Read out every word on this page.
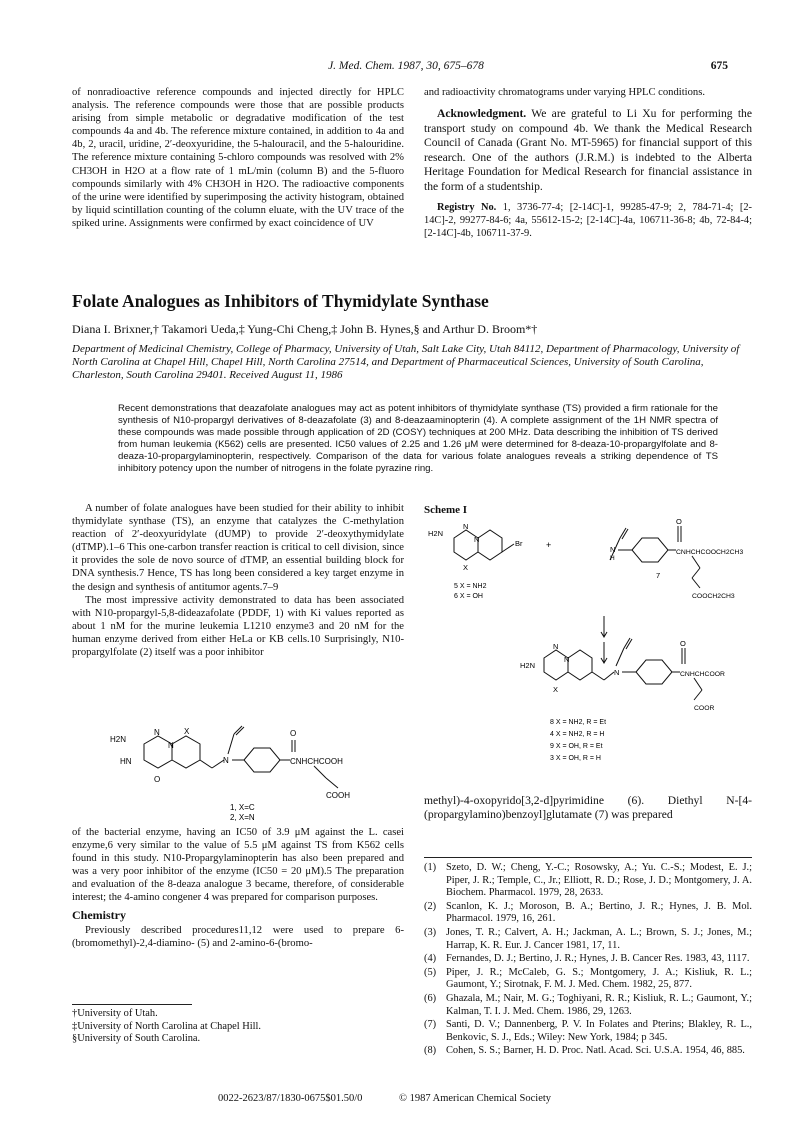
J. Med. Chem. 1987, 30, 675–678	675

of nonradioactive reference compounds and injected directly for HPLC analysis. The reference compounds were those that are possible products arising from simple metabolic or degradative modification of the test compounds 4a and 4b. The reference mixture contained, in addition to 4a and 4b, 2, uracil, uridine, 2′-deoxyuridine, the 5-halouracil, and the 5-halouridine. The reference mixture containing 5-chloro compounds was resolved with 2% CH3OH in H2O at a flow rate of 1 mL/min (column B) and the 5-fluoro compounds similarly with 4% CH3OH in H2O. The radioactive components of the urine were identified by superimposing the activity histogram, obtained by liquid scintillation counting of the column eluate, with the UV trace of the spiked urine. Assignments were confirmed by exact coincidence of UV

and radioactivity chromatograms under varying HPLC conditions.

Acknowledgment. We are grateful to Li Xu for performing the transport study on compound 4b. We thank the Medical Research Council of Canada (Grant No. MT-5965) for financial support of this research. One of the authors (J.R.M.) is indebted to the Alberta Heritage Foundation for Medical Research for financial assistance in the form of a studentship.

Registry No. 1, 3736-77-4; [2-14C]-1, 99285-47-9; 2, 784-71-4; [2-14C]-2, 99277-84-6; 4a, 55612-15-2; [2-14C]-4a, 106711-36-8; 4b, 72-84-4; [2-14C]-4b, 106711-37-9.

Folate Analogues as Inhibitors of Thymidylate Synthase
Diana I. Brixner,† Takamori Ueda,‡ Yung-Chi Cheng,‡ John B. Hynes,§ and Arthur D. Broom*†
Department of Medicinal Chemistry, College of Pharmacy, University of Utah, Salt Lake City, Utah 84112, Department of Pharmacology, University of North Carolina at Chapel Hill, Chapel Hill, North Carolina 27514, and Department of Pharmaceutical Sciences, University of South Carolina, Charleston, South Carolina 29401. Received August 11, 1986
Recent demonstrations that deazafolate analogues may act as potent inhibitors of thymidylate synthase (TS) provided a firm rationale for the synthesis of N10-propargyl derivatives of 8-deazafolate (3) and 8-deazaaminopterin (4). A complete assignment of the 1H NMR spectra of these compounds was made possible through application of 2D (COSY) techniques at 200 MHz. Data describing the inhibition of TS derived from human leukemia (K562) cells are presented. IC50 values of 2.25 and 1.26 μM were determined for 8-deaza-10-propargylfolate and 8-deaza-10-propargylaminopterin, respectively. Comparison of the data for various folate analogues reveals a striking dependence of TS inhibitory potency upon the number of nitrogens in the folate pyrazine ring.

A number of folate analogues have been studied for their ability to inhibit thymidylate synthase (TS), an enzyme that catalyzes the C-methylation reaction of 2′-deoxyuridylate (dUMP) to provide 2′-deoxythymidylate (dTMP).1–6 This one-carbon transfer reaction is critical to cell division, since it provides the sole de novo source of dTMP, an essential building block for DNA synthesis.7 Hence, TS has long been considered a key target enzyme in the design and synthesis of antitumor agents.7–9

The most impressive activity demonstrated to data has been associated with N10-propargyl-5,8-dideazafolate (PDDF, 1) with Ki values reported as about 1 nM for the murine leukemia L1210 enzyme3 and 20 nM for the human enzyme derived from either HeLa or KB cells.10 Surprisingly, N10-propargylfolate (2) itself was a poor inhibitor

H2N
N
N
X
HN
O
N	CNHCHCOOH
O
COOH
1, X=C
2, X=N

of the bacterial enzyme, having an IC50 of 3.9 μM against the L. casei enzyme,6 very similar to the value of 5.5 μM against TS from K562 cells found in this study. N10-Propargylaminopterin has also been prepared and was a very poor inhibitor of the enzyme (IC50 = 20 μM).5 The preparation and evaluation of the 8-deaza analogue 3 became, therefore, of considerable interest; the 4-amino congener 4 was prepared for comparison purposes.

Chemistry

Previously described procedures11,12 were used to prepare 6-(bromomethyl)-2,4-diamino- (5) and 2-amino-6-(bromo-

†University of Utah.
‡University of North Carolina at Chapel Hill.
§University of South Carolina.
Scheme I
H2N
N
N
X
Br	+	N
H
O
CNHCHCOOCH2CH3
COOCH2CH3
7
5 X = NH2
6 X = OH
H2N
N
N
X
N
O
CNHCHCOOR
COOR
8 X = NH2, R = Et
4 X = NH2, R = H
9 X = OH, R = Et
3 X = OH, R = H

methyl)-4-oxopyrido[3,2-d]pyrimidine (6). Diethyl N-[4-(propargylamino)benzoyl]glutamate (7) was prepared

(1) Szeto, D. W.; Cheng, Y.-C.; Rosowsky, A.; Yu. C.-S.; Modest, E. J.; Piper, J. R.; Temple, C., Jr.; Elliott, R. D.; Rose, J. D.; Montgomery, J. A. Biochem. Pharmacol. 1979, 28, 2633.
(2) Scanlon, K. J.; Moroson, B. A.; Bertino, J. R.; Hynes, J. B. Mol. Pharmacol. 1979, 16, 261.
(3) Jones, T. R.; Calvert, A. H.; Jackman, A. L.; Brown, S. J.; Jones, M.; Harrap, K. R. Eur. J. Cancer 1981, 17, 11.
(4) Fernandes, D. J.; Bertino, J. R.; Hynes, J. B. Cancer Res. 1983, 43, 1117.
(5) Piper, J. R.; McCaleb, G. S.; Montgomery, J. A.; Kisliuk, R. L.; Gaumont, Y.; Sirotnak, F. M. J. Med. Chem. 1982, 25, 877.
(6) Ghazala, M.; Nair, M. G.; Toghiyani, R. R.; Kisliuk, R. L.; Gaumont, Y.; Kalman, T. I. J. Med. Chem. 1986, 29, 1263.
(7) Santi, D. V.; Dannenberg, P. V. In Folates and Pterins; Blakley, R. L., Benkovic, S. J., Eds.; Wiley: New York, 1984; p 345.
(8) Cohen, S. S.; Barner, H. D. Proc. Natl. Acad. Sci. U.S.A. 1954, 46, 885.
0022-2623/87/1830-0675$01.50/0	© 1987 American Chemical Society
